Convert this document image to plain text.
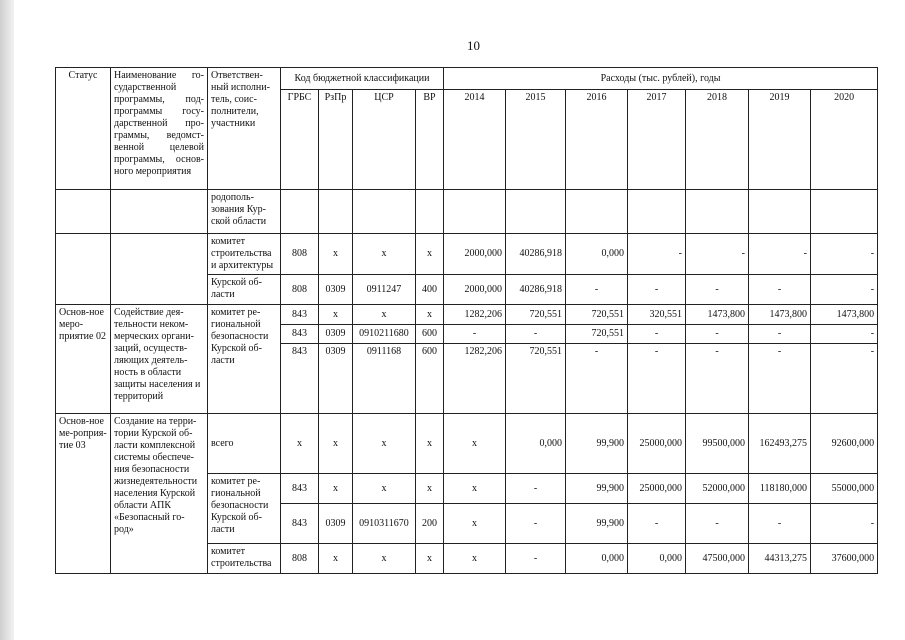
10
Статус	Наименование го-сударственной программы, под-программы госу-дарственной про-граммы, ведомст-венной целевой программы, основ-ного мероприятия	Ответствен-ный исполни-тель, соис-полнители, участники	Код бюджетной классификации				Расходы (тыс. рублей), годы						
			ГРБС	РзПр	ЦСР	ВР	2014	2015	2016	2017	2018	2019	2020
		родополь-зования Кур-ской области											
		комитет строительства и архитектуры	808	х	х	х	2000,000	40286,918	0,000	-	-	-	-
		Курской об-ласти	808	0309	0911247	400	2000,000	40286,918	-	-	-	-	-
Основ-ное меро-приятие 02	Содействие дея-тельности неком-мерческих органи-заций, осуществ-ляющих деятель-ность в области защиты населения и территорий	комитет ре-гиональной безопасности Курской об-ласти	843	х	х	х	1282,206	720,551	720,551	320,551	1473,800	1473,800	1473,800
			843	0309	0910211680	600	-	-	720,551	-	-	-	-
			843	0309	0911168	600	1282,206	720,551	-	-	-	-	-
Основ-ное ме-роприя-тие 03	Создание на терри-тории Курской об-ласти комплексной системы обеспече-ния безопасности жизнедеятельности населения Курской области АПК «Безопасный го-род»	всего	х	х	х	х	х	0,000	99,900	25000,000	99500,000	162493,275	92600,000
		комитет ре-гиональной безопасности Курской об-ласти	843	х	х	х	х	-	99,900	25000,000	52000,000	118180,000	55000,000
			843	0309	0910311670	200	х	-	99,900	-	-	-	-
		комитет строительства	808	х	х	х	х	-	0,000	0,000	47500,000	44313,275	37600,000
